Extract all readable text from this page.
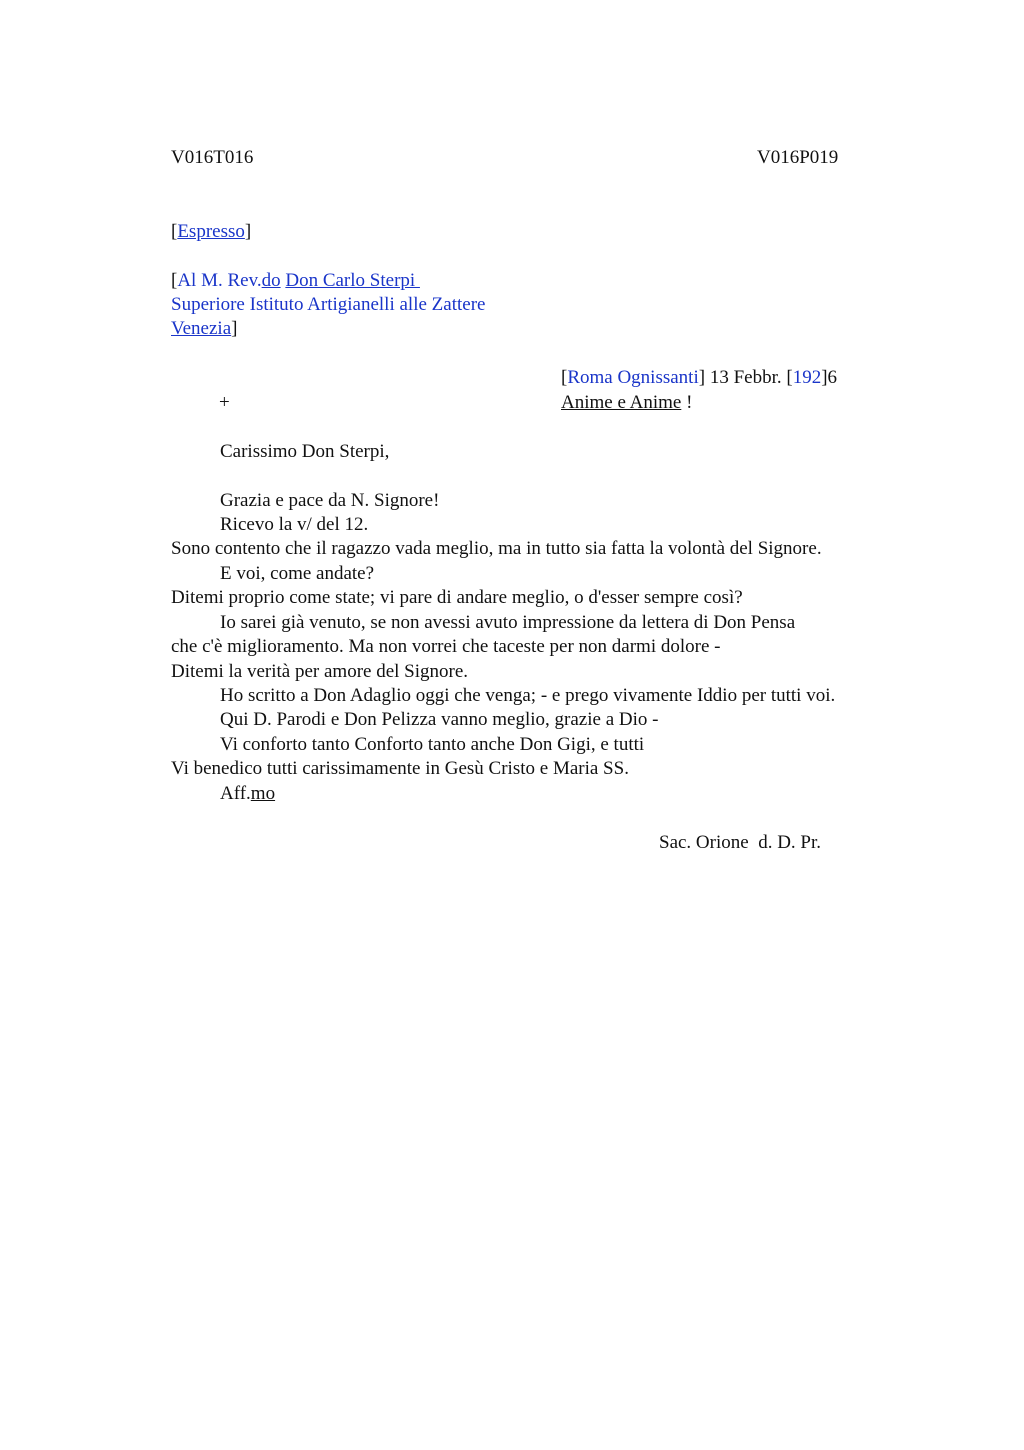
V016T016	V016P019
[Espresso]
[Al M. Rev.do Don Carlo Sterpi
Superiore Istituto Artigianelli alle Zattere
Venezia]
[Roma Ognissanti] 13 Febbr. [192]6
+	Anime e Anime !
Carissimo Don Sterpi,
Grazia e pace da N. Signore!
Ricevo la v/ del 12.
Sono contento che il ragazzo vada meglio, ma in tutto sia fatta la volontà del Signore.
E voi, come andate?
Ditemi proprio come state; vi pare di andare meglio, o d'esser sempre così?
Io sarei già venuto, se non avessi avuto impressione da lettera di Don Pensa
che c'è miglioramento. Ma non vorrei che taceste per non darmi dolore -
Ditemi la verità per amore del Signore.
Ho scritto a Don Adaglio oggi che venga; - e prego vivamente Iddio per tutti voi.
Qui D. Parodi e Don Pelizza vanno meglio, grazie a Dio -
Vi conforto tanto Conforto tanto anche Don Gigi, e tutti
Vi benedico tutti carissimamente in Gesù Cristo e Maria SS.
Aff.mo
Sac. Orione  d. D. Pr.
